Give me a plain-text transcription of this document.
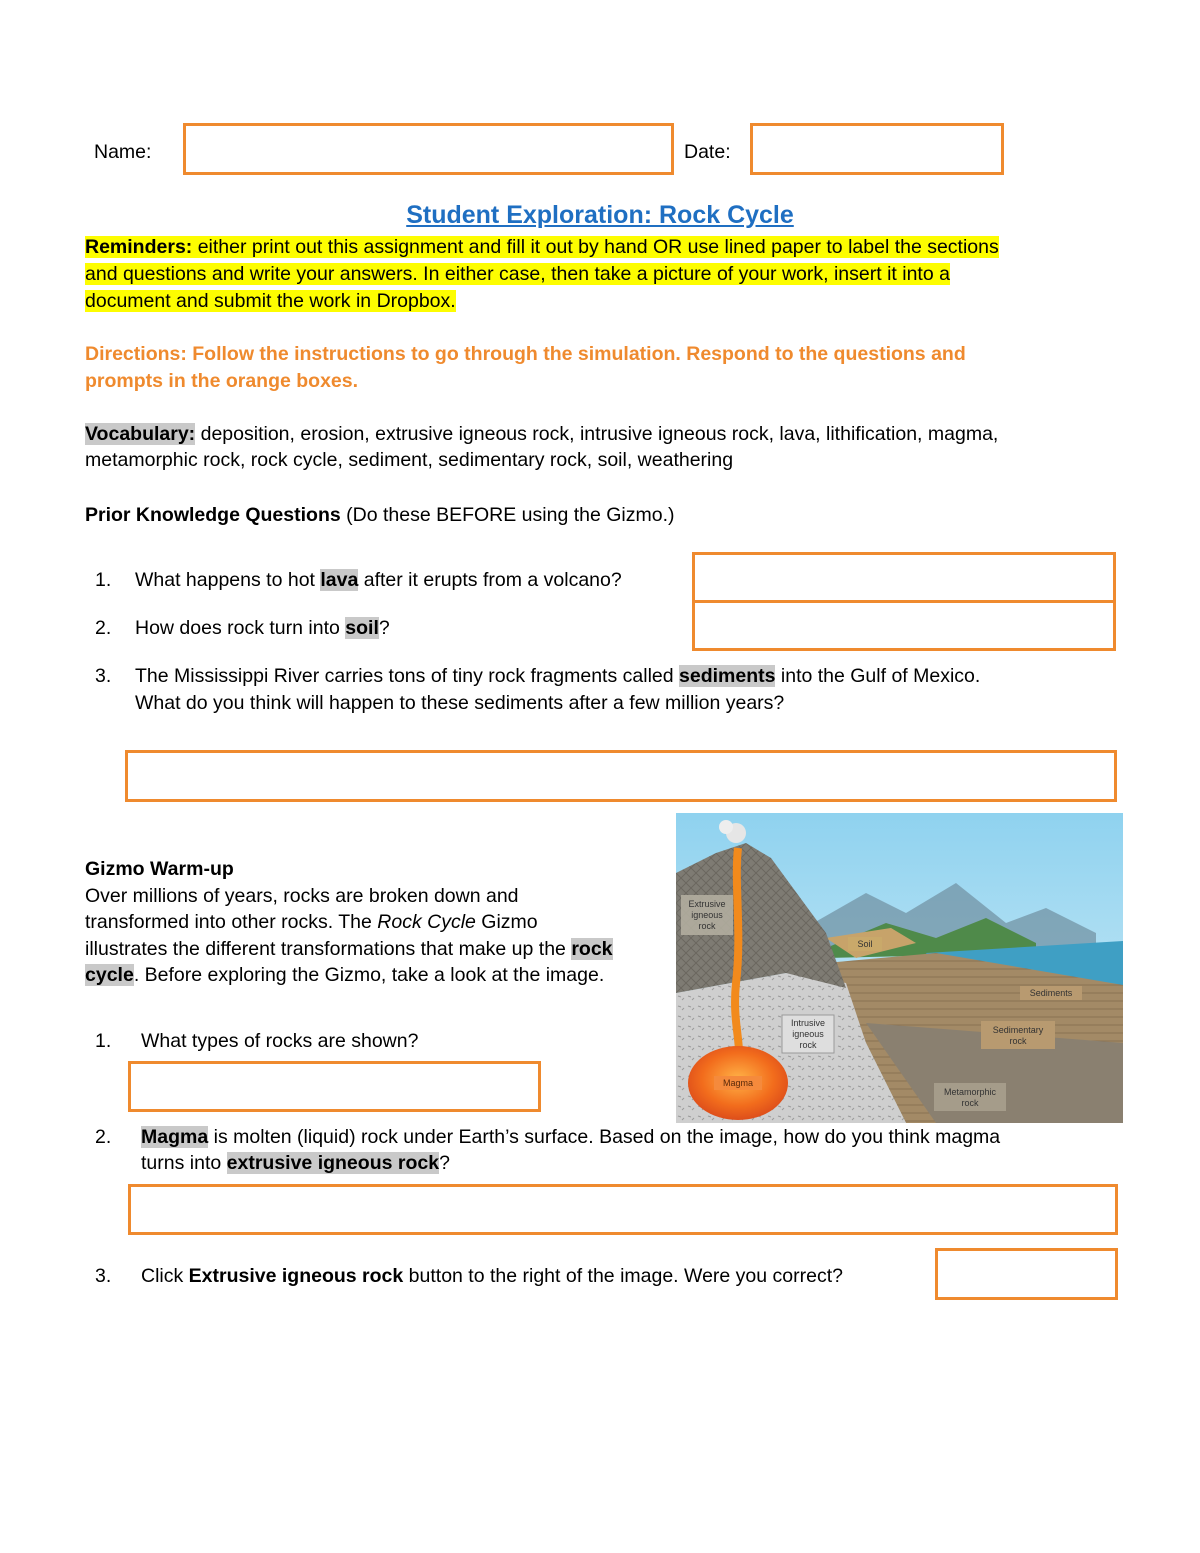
Name:	Date:
Student Exploration: Rock Cycle
Reminders: either print out this assignment and fill it out by hand OR use lined paper to label the sections
and questions and write your answers. In either case, then take a picture of your work, insert it into a
document and submit the work in Dropbox.
Directions: Follow the instructions to go through the simulation. Respond to the questions and
prompts in the orange boxes.
Vocabulary: deposition, erosion, extrusive igneous rock, intrusive igneous rock, lava, lithification, magma,
metamorphic rock, rock cycle, sediment, sedimentary rock, soil, weathering
Prior Knowledge Questions (Do these BEFORE using the Gizmo.)
1. What happens to hot lava after it erupts from a volcano?
2. How does rock turn into soil?
3. The Mississippi River carries tons of tiny rock fragments called sediments into the Gulf of Mexico.
What do you think will happen to these sediments after a few million years?
Gizmo Warm-up
Over millions of years, rocks are broken down and
transformed into other rocks. The Rock Cycle Gizmo
illustrates the different transformations that make up the rock
cycle. Before exploring the Gizmo, take a look at the image.
1. What types of rocks are shown?
2. Magma is molten (liquid) rock under Earth’s surface. Based on the image, how do you think magma
turns into extrusive igneous rock?
3. Click Extrusive igneous rock button to the right of the image. Were you correct?
Extrusive
igneous
rock
Soil
Sediments
Intrusive
igneous
rock
Sedimentary
rock
Magma
Metamorphic
rock
